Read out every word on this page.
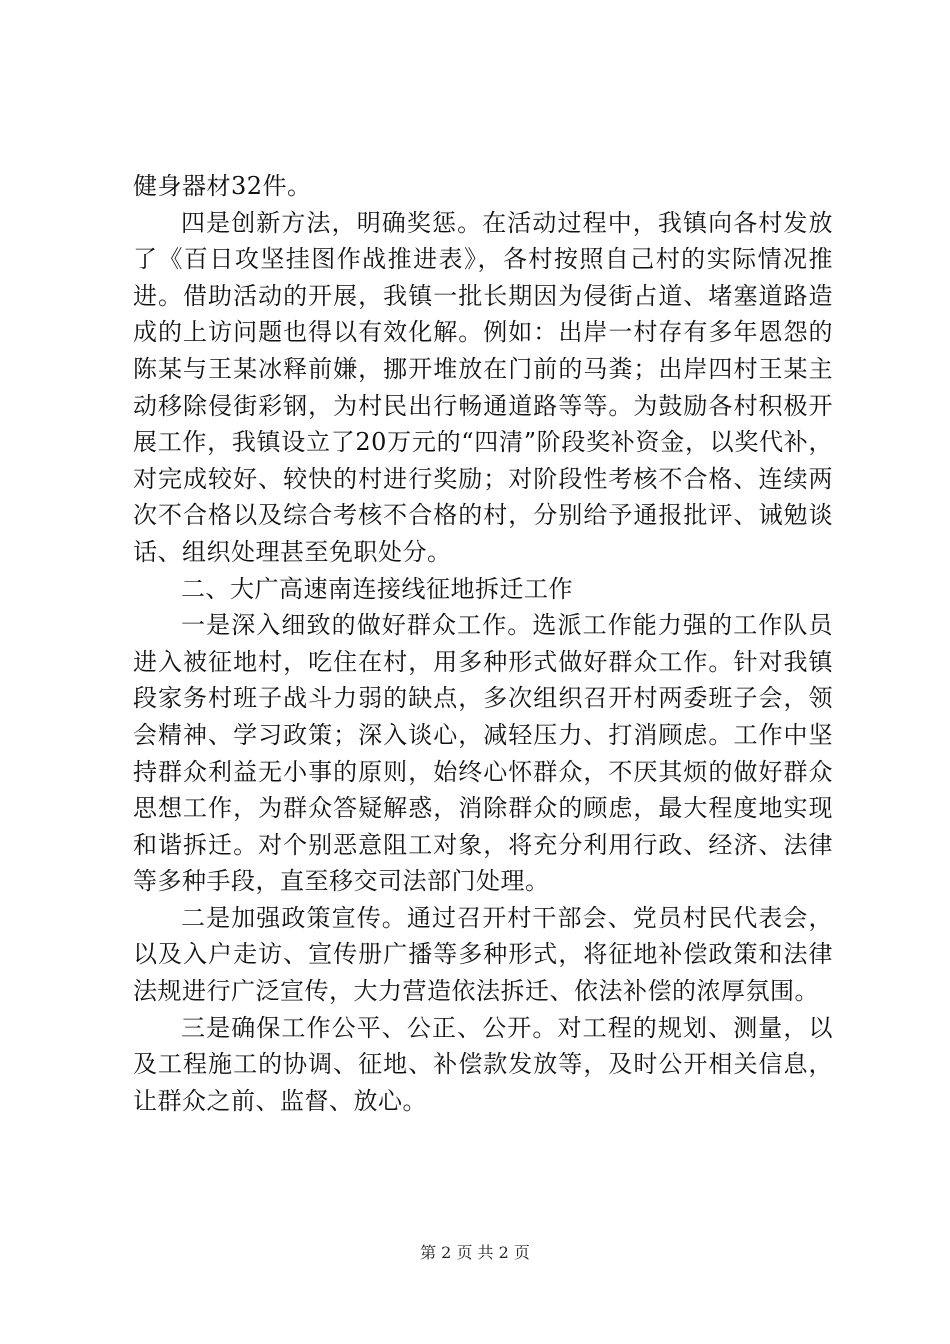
健身器材32件。

四是创新方法，明确奖惩。在活动过程中，我镇向各村发放了《百日攻坚挂图作战推进表》，各村按照自己村的实际情况推进。借助活动的开展，我镇一批长期因为侵街占道、堵塞道路造成的上访问题也得以有效化解。例如：出岸一村存有多年恩怨的陈某与王某冰释前嫌，挪开堆放在门前的马粪；出岸四村王某主动移除侵街彩钢，为村民出行畅通道路等等。为鼓励各村积极开展工作，我镇设立了20万元的“四清”阶段奖补资金，以奖代补，对完成较好、较快的村进行奖励；对阶段性考核不合格、连续两次不合格以及综合考核不合格的村，分别给予通报批评、诫勉谈话、组织处理甚至免职处分。

二、大广高速南连接线征地拆迁工作

一是深入细致的做好群众工作。选派工作能力强的工作队员进入被征地村，吃住在村，用多种形式做好群众工作。针对我镇段家务村班子战斗力弱的缺点，多次组织召开村两委班子会，领会精神、学习政策；深入谈心，减轻压力、打消顾虑。工作中坚持群众利益无小事的原则，始终心怀群众，不厌其烦的做好群众思想工作，为群众答疑解惑，消除群众的顾虑，最大程度地实现和谐拆迁。对个别恶意阻工对象，将充分利用行政、经济、法律等多种手段，直至移交司法部门处理。

二是加强政策宣传。通过召开村干部会、党员村民代表会，以及入户走访、宣传册广播等多种形式，将征地补偿政策和法律法规进行广泛宣传，大力营造依法拆迁、依法补偿的浓厚氛围。

三是确保工作公平、公正、公开。对工程的规划、测量，以及工程施工的协调、征地、补偿款发放等，及时公开相关信息，让群众之前、监督、放心。

第 2 页 共 2 页
